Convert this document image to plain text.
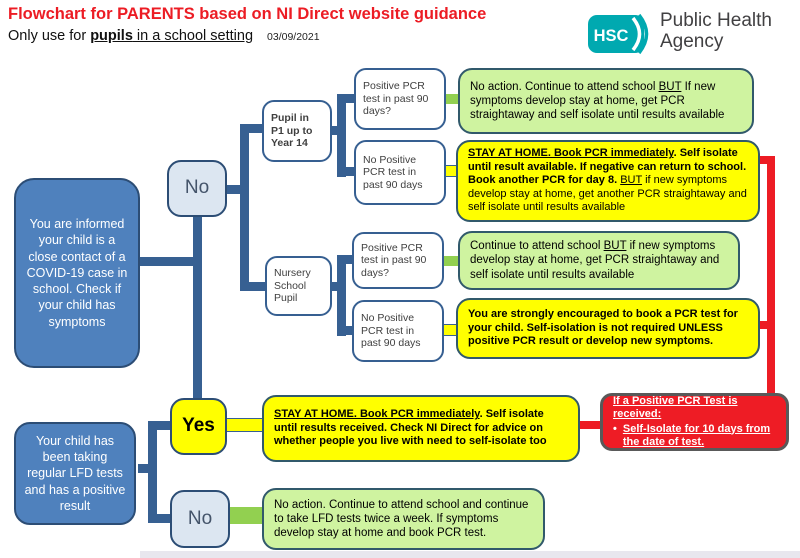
Flowchart for PARENTS based on NI Direct website guidance
Only use for pupils in a school setting 03/09/2021	HSC
Public Health
Agency
You are informed your child is a close contact of a COVID-19 case in school. Check if your child has symptoms
No
Pupil in P1 up to Year 14
Nursery School Pupil
Positive PCR test in past 90 days?
No Positive PCR test in past 90 days
Positive PCR test in past 90 days?
No Positive PCR test in past 90 days
No action. Continue to attend school BUT If new symptoms develop stay at home, get PCR straightaway and self isolate until results available
STAY AT HOME. Book PCR immediately. Self isolate until result available. If negative can return to school.
Book another PCR for day 8. BUT if new symptoms develop stay at home, get another PCR straightaway and self isolate until results available
Continue to attend school BUT if new symptoms develop stay at home, get PCR straightaway and self isolate until results available
You are strongly encouraged to book a PCR test for your child. Self-isolation is not required UNLESS positive PCR result or develop new symptoms.
Yes
STAY AT HOME. Book PCR immediately. Self isolate until results received. Check NI Direct for advice on whether people you live with need to self-isolate too
If a Positive PCR Test is received:
• Self-Isolate for 10 days from the date of test.
Your child has been taking regular LFD tests and has a positive result
No
No action. Continue to attend school and continue to take LFD tests twice a week. If symptoms develop stay at home and book PCR test.
